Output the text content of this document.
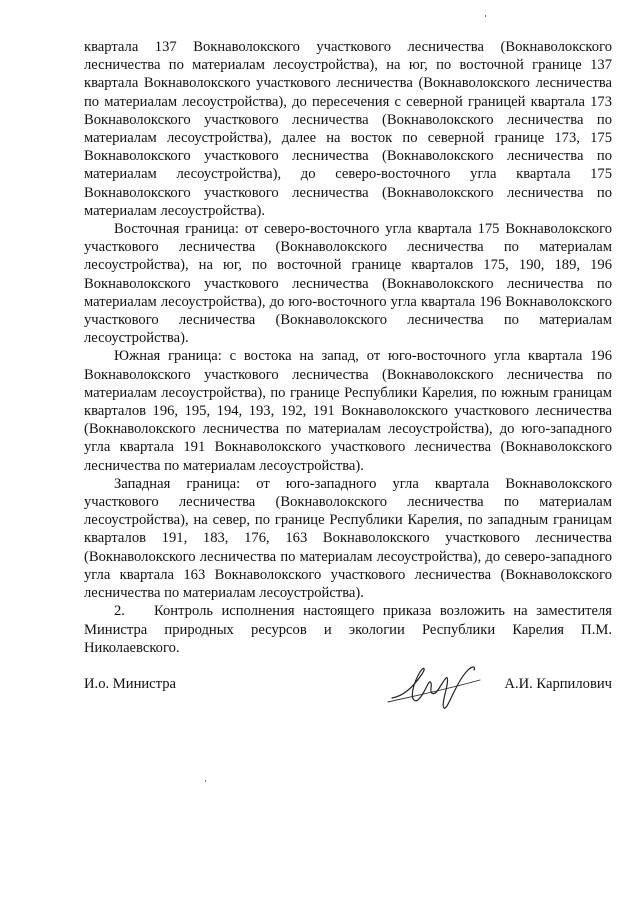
квартала 137 Вокнаволокского участкового лесничества (Вокнаволокского лесничества по материалам лесоустройства), на юг, по восточной границе 137 квартала Вокнаволокского участкового лесничества (Вокнаволокского лесничества по материалам лесоустройства), до пересечения с северной границей квартала 173 Вокнаволокского участкового лесничества (Вокнаволокского лесничества по материалам лесоустройства), далее на восток по северной границе 173, 175 Вокнаволокского участкового лесничества (Вокнаволокского лесничества по материалам лесоустройства), до северо-восточного угла квартала 175 Вокнаволокского участкового лесничества (Вокнаволокского лесничества по материалам лесоустройства).

Восточная граница: от северо-восточного угла квартала 175 Вокнаволокского участкового лесничества (Вокнаволокского лесничества по материалам лесоустройства), на юг, по восточной границе кварталов 175, 190, 189, 196 Вокнаволокского участкового лесничества (Вокнаволокского лесничества по материалам лесоустройства), до юго-восточного угла квартала 196 Вокнаволокского участкового лесничества (Вокнаволокского лесничества по материалам лесоустройства).

Южная граница: с востока на запад, от юго-восточного угла квартала 196 Вокнаволокского участкового лесничества (Вокнаволокского лесничества по материалам лесоустройства), по границе Республики Карелия, по южным границам кварталов 196, 195, 194, 193, 192, 191 Вокнаволокского участкового лесничества (Вокнаволокского лесничества по материалам лесоустройства), до юго-западного угла квартала 191 Вокнаволокского участкового лесничества (Вокнаволокского лесничества по материалам лесоустройства).

Западная граница: от юго-западного угла квартала Вокнаволокского участкового лесничества (Вокнаволокского лесничества по материалам лесоустройства), на север, по границе Республики Карелия, по западным границам кварталов 191, 183, 176, 163 Вокнаволокского участкового лесничества (Вокнаволокского лесничества по материалам лесоустройства), до северо-западного угла квартала 163 Вокнаволокского участкового лесничества (Вокнаволокского лесничества по материалам лесоустройства).

2. Контроль исполнения настоящего приказа возложить на заместителя Министра природных ресурсов и экологии Республики Карелия П.М. Николаевского.

И.о. Министра	А.И. Карпилович
